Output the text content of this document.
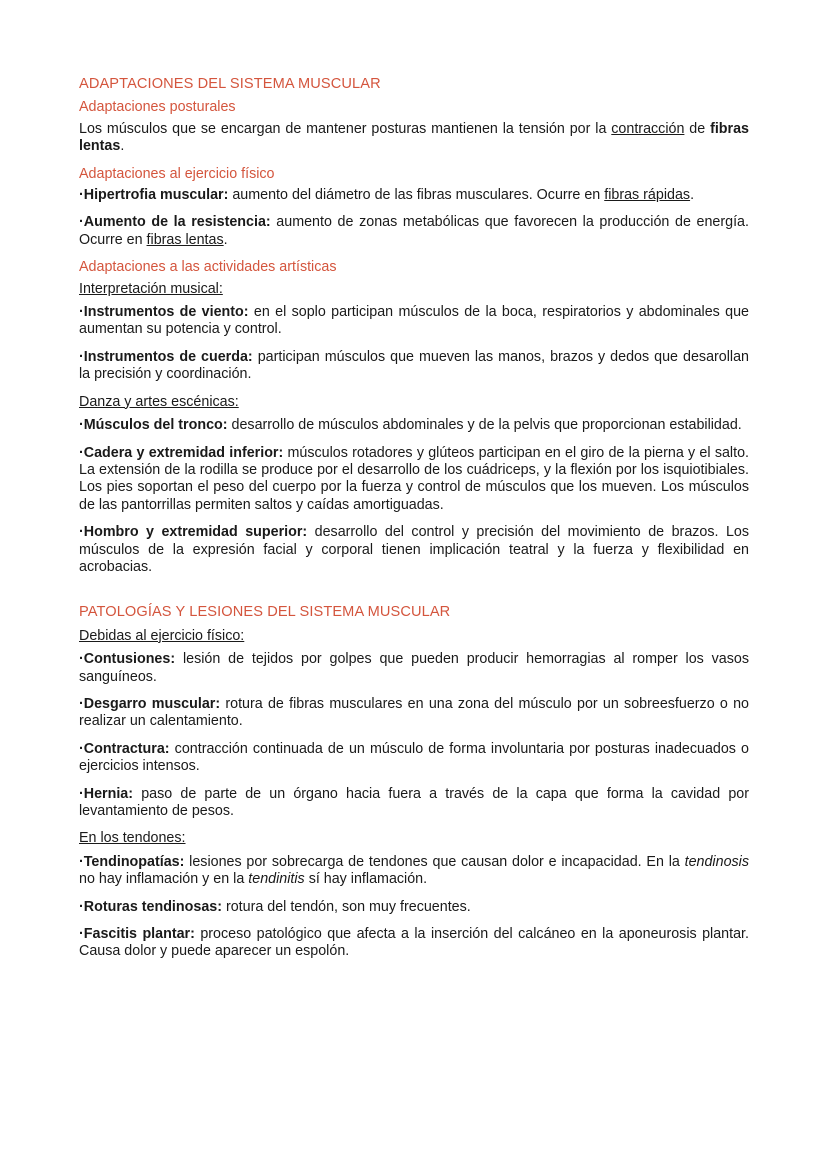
ADAPTACIONES DEL SISTEMA MUSCULAR
Adaptaciones posturales
Los músculos que se encargan de mantener posturas mantienen la tensión por la contracción de fibras lentas.
Adaptaciones al ejercicio físico
·Hipertrofia muscular: aumento del diámetro de las fibras musculares. Ocurre en fibras rápidas.
·Aumento de la resistencia: aumento de zonas metabólicas que favorecen la producción de energía. Ocurre en fibras lentas.
Adaptaciones a las actividades artísticas
Interpretación musical:
·Instrumentos de viento: en el soplo participan músculos de la boca, respiratorios y abdominales que aumentan su potencia y control.
·Instrumentos de cuerda: participan músculos que mueven las manos, brazos y dedos que desarollan la precisión y coordinación.
Danza y artes escénicas:
·Músculos del tronco: desarrollo de músculos abdominales y de la pelvis que proporcionan estabilidad.
·Cadera y extremidad inferior: músculos rotadores y glúteos participan en el giro de la pierna y el salto. La extensión de la rodilla se produce por el desarrollo de los cuádriceps, y la flexión por los isquiotibiales. Los pies soportan el peso del cuerpo por la fuerza y control de músculos que los mueven. Los músculos de las pantorrillas permiten saltos y caídas amortiguadas.
·Hombro y extremidad superior: desarrollo del control y precisión del movimiento de brazos. Los músculos de la expresión facial y corporal tienen implicación teatral y la fuerza y flexibilidad en acrobacias.
PATOLOGÍAS Y LESIONES DEL SISTEMA MUSCULAR
Debidas al ejercicio físico:
·Contusiones: lesión de tejidos por golpes que pueden producir hemorragias al romper los vasos sanguíneos.
·Desgarro muscular: rotura de fibras musculares en una zona del músculo por un sobreesfuerzo o no realizar un calentamiento.
·Contractura: contracción continuada de un músculo de forma involuntaria por posturas inadecuados o ejercicios intensos.
·Hernia: paso de parte de un órgano hacia fuera a través de la capa que forma la cavidad por levantamiento de pesos.
En los tendones:
·Tendinopatías: lesiones por sobrecarga de tendones que causan dolor e incapacidad. En la tendinosis no hay inflamación y en la tendinitis sí hay inflamación.
·Roturas tendinosas: rotura del tendón, son muy frecuentes.
·Fascitis plantar: proceso patológico que afecta a la inserción del calcáneo en la aponeurosis plantar. Causa dolor y puede aparecer un espolón.
